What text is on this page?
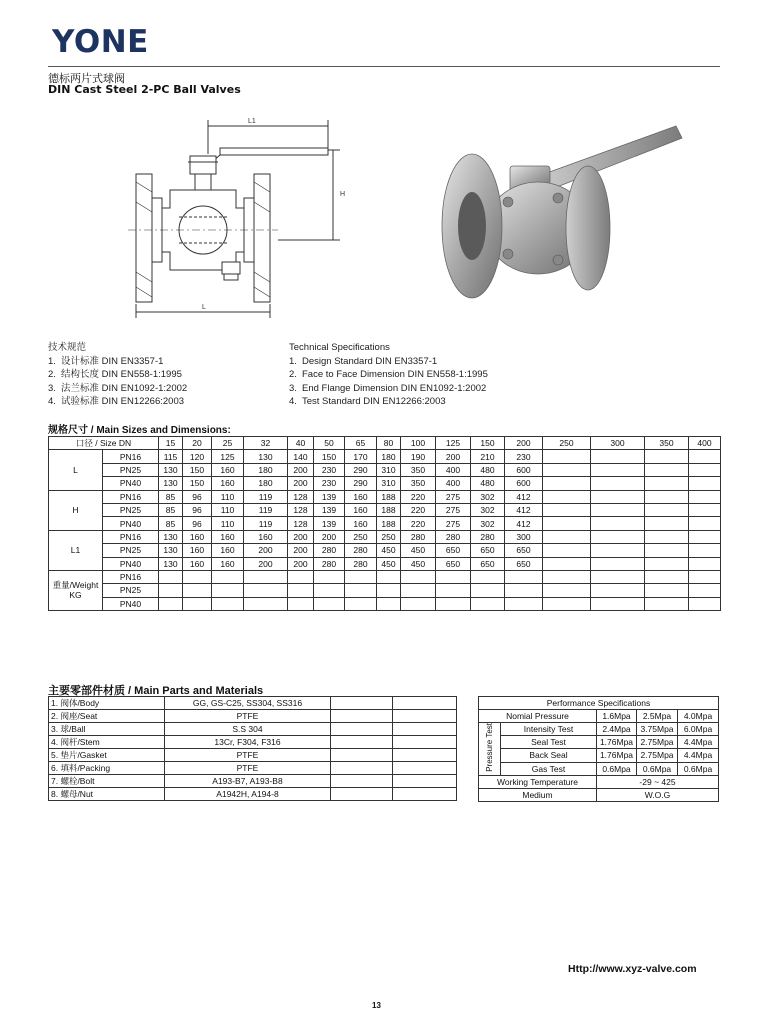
YONE
德标两片式球阀
DIN Cast Steel 2-PC Ball Valves
L1
H
L
技术规范
1. 设计标准 DIN EN3357-1
2. 结构长度 DIN EN558-1:1995
3. 法兰标准 DIN EN1092-1:2002
4. 试验标准 DIN EN12266:2003
Technical Specifications
1. Design Standard DIN EN3357-1
2. Face to Face Dimension DIN EN558-1:1995
3. End Flange Dimension DIN EN1092-1:2002
4. Test Standard DIN EN12266:2003
规格尺寸 / Main Sizes and Dimensions:
口径 / Size DN		15	20	25	32	40	50	65	80	100	125	150	200	250	300	350	400
L	PN16	115	120	125	130	140	150	170	180	190	200	210	230				
	PN25	130	150	160	180	200	230	290	310	350	400	480	600				
	PN40	130	150	160	180	200	230	290	310	350	400	480	600				
H	PN16	85	96	110	119	128	139	160	188	220	275	302	412				
	PN25	85	96	110	119	128	139	160	188	220	275	302	412				
	PN40	85	96	110	119	128	139	160	188	220	275	302	412				
L1	PN16	130	160	160	160	200	200	250	250	280	280	280	300				
	PN25	130	160	160	200	200	280	280	450	450	650	650	650				
	PN40	130	160	160	200	200	280	280	450	450	650	650	650				
重量/Weight KG	PN16																
	PN25																
	PN40																
主要零部件材质 / Main Parts and Materials
1. 阀体/Body	GG, GS-C25, SS304, SS316		
2. 阀座/Seat	PTFE		
3. 球/Ball	S.S 304		
4. 阀杆/Stem	13Cr, F304, F316		
5. 垫片/Gasket	PTFE		
6. 填料/Packing	PTFE		
7. 螺栓/Bolt	A193-B7, A193-B8		
8. 螺母/Nut	A1942H, A194-8		
Performance Specifications				
Nomial Pressure		1.6Mpa	2.5Mpa	4.0Mpa
Pressure Test	Intensity Test	2.4Mpa	3.75Mpa	6.0Mpa
	Seal Test	1.76Mpa	2.75Mpa	4.4Mpa
	Back Seal	1.76Mpa	2.75Mpa	4.4Mpa
	Gas Test	0.6Mpa	0.6Mpa	0.6Mpa
Working Temperature		-29 ~ 425		
Medium		W.O.G		
Http://www.xyz-valve.com
13
